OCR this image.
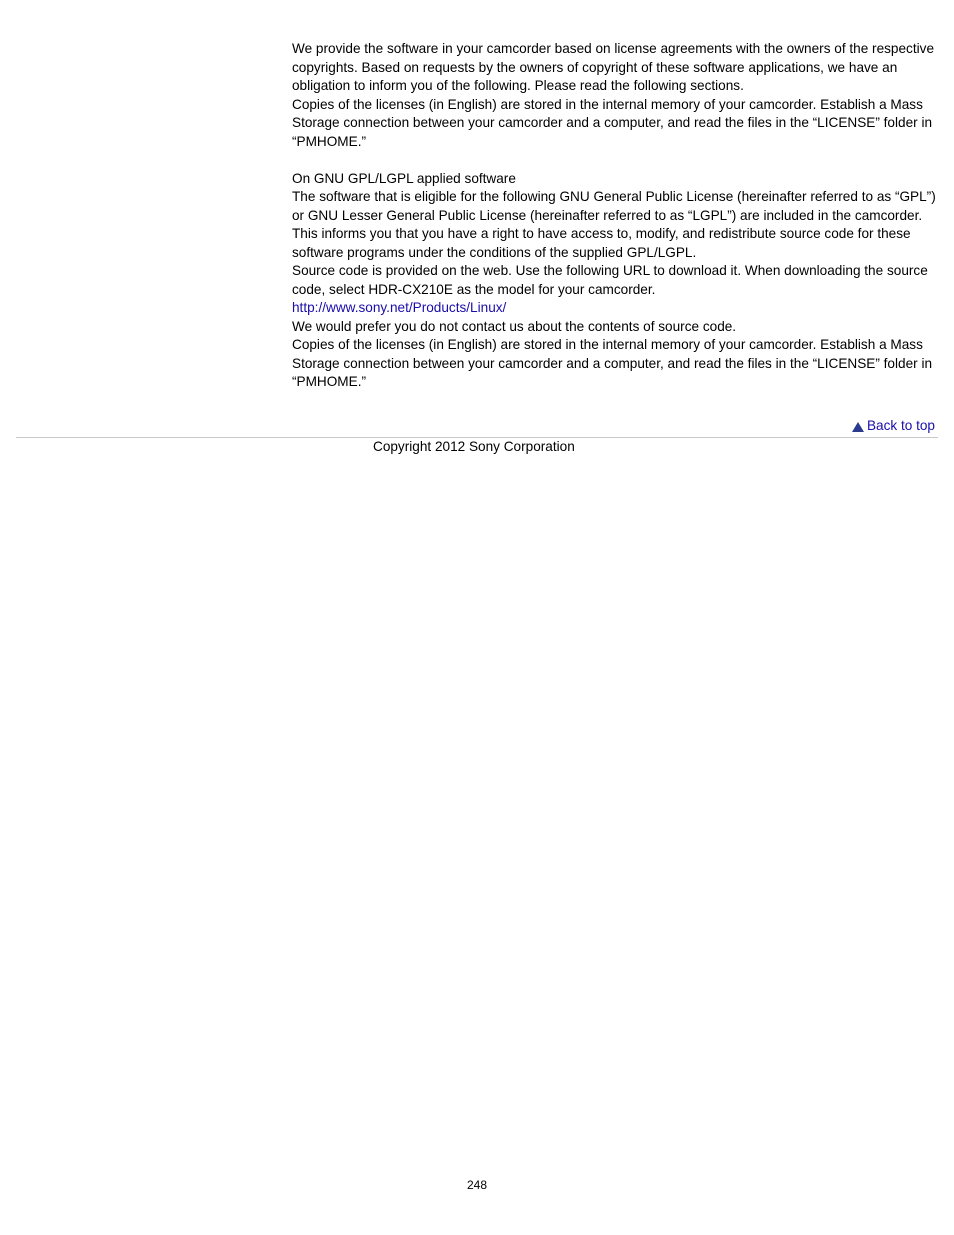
We provide the software in your camcorder based on license agreements with the owners of the respective copyrights. Based on requests by the owners of copyright of these software applications, we have an obligation to inform you of the following. Please read the following sections.

Copies of the licenses (in English) are stored in the internal memory of your camcorder. Establish a Mass Storage connection between your camcorder and a computer, and read the files in the “LICENSE” folder in “PMHOME.”

On GNU GPL/LGPL applied software

The software that is eligible for the following GNU General Public License (hereinafter referred to as “GPL”) or GNU Lesser General Public License (hereinafter referred to as “LGPL”) are included in the camcorder.

This informs you that you have a right to have access to, modify, and redistribute source code for these software programs under the conditions of the supplied GPL/LGPL.

Source code is provided on the web. Use the following URL to download it. When downloading the source code, select HDR-CX210E as the model for your camcorder.

http://www.sony.net/Products/Linux/

We would prefer you do not contact us about the contents of source code.

Copies of the licenses (in English) are stored in the internal memory of your camcorder. Establish a Mass Storage connection between your camcorder and a computer, and read the files in the “LICENSE” folder in “PMHOME.”

Back to top
Copyright 2012 Sony Corporation
248
